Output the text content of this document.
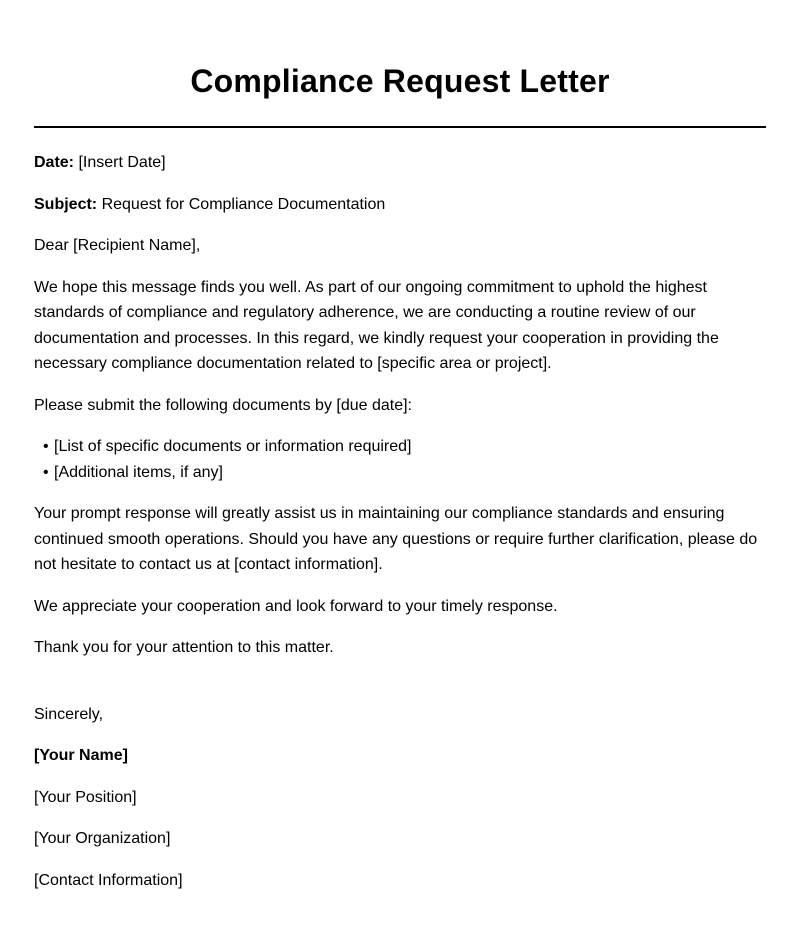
Compliance Request Letter

Date: [Insert Date]

Subject: Request for Compliance Documentation

Dear [Recipient Name],

We hope this message finds you well. As part of our ongoing commitment to uphold the highest standards of compliance and regulatory adherence, we are conducting a routine review of our documentation and processes. In this regard, we kindly request your cooperation in providing the necessary compliance documentation related to [specific area or project].

Please submit the following documents by [due date]:

• [List of specific documents or information required]
• [Additional items, if any]

Your prompt response will greatly assist us in maintaining our compliance standards and ensuring continued smooth operations. Should you have any questions or require further clarification, please do not hesitate to contact us at [contact information].

We appreciate your cooperation and look forward to your timely response.

Thank you for your attention to this matter.

Sincerely,

[Your Name]

[Your Position]

[Your Organization]

[Contact Information]
